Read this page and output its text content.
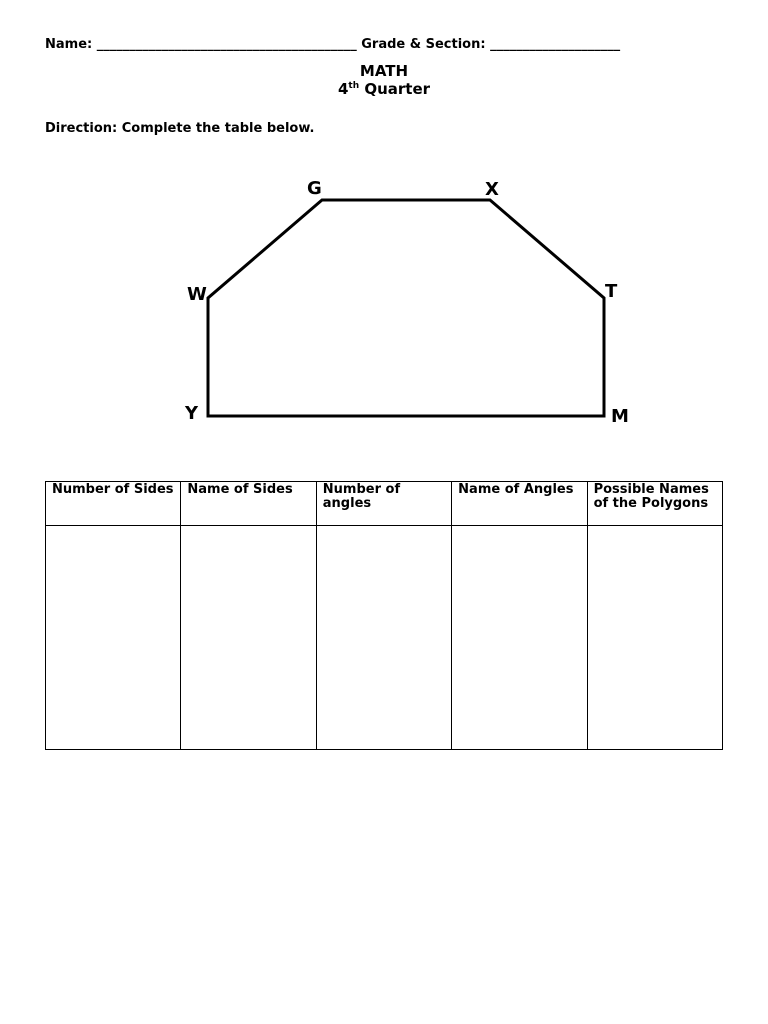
Name: ________________________________________ Grade & Section: ____________________
MATH
4th Quarter
Direction: Complete the table below.
G	X
W	T
Y	M
Number of Sides	Name of Sides	Number of angles	Name of Angles	Possible Names of the Polygons
